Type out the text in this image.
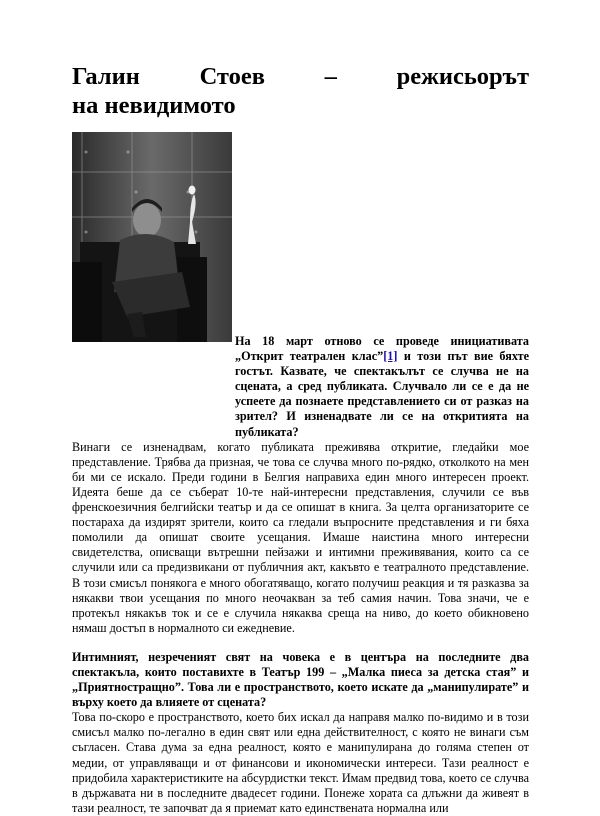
Галин Стоев – режисьорът
на невидимото

На 18 март отново се проведе инициативата „Открит театрален клас”[1] и този път вие бяхте гостът. Казвате, че спектакълът се случва не на сцената, а сред публиката. Случвало ли се е да не успеете да познаете представлението си от разказ на зрител? И изненадвате ли се на откритията на публиката?

Винаги се изненадвам, когато публиката преживява откритие, гледайки мое представление. Трябва да призная, че това се случва много по-рядко, отколкото на мен би ми се искало. Преди години в Белгия направихa един много интересен проект. Идеята беше да се съберат 10-те най-интересни представления, случили се във френскоезичния белгийски театър и да се опишат в книга. За целта организаторите се постараха да издирят зрители, които са гледали въпросните представления и ги бяха помолили да опишат своите усещания. Имаше наистина много интересни свидетелства, описващи вътрешни пейзажи и интимни преживявания, които са се случили или са предизвикани от публичния акт, какъвто е театралното представление. В този смисъл понякога е много обогатяващо, когато получиш реакция и тя разказва за някакви твои усещания по много неочакван за теб самия начин. Това значи, че е протекъл някакъв ток и се е случила някаква среща на ниво, до което обикновено нямаш достъп в нормалното си ежедневие.

Интимният, незреченият свят на човека е в центъра на последните два спектакъла, които поставихте в Театър 199 – „Малка пиеса за детска стая” и „Приятностращно”. Това ли е пространството, което искате да „манипулирате” и върху което да влияете от сцената?

Това по-скоро е пространството, което бих искал да направя малко по-видимо и в този смисъл малко по-легално в един свят или една действителност, с която не винаги съм съгласен. Става дума за една реалност, която е манипулирана до голяма степен от медии, от управляващи и от финансови и икономически интереси. Тази реалност е придобила характеристиките на абсурдистки текст. Имам предвид това, което се случва в държавата ни в последните двадесет години. Понеже хората са длъжни да живеят в тази реалност, те започват да я приемат като единствената нормална или
